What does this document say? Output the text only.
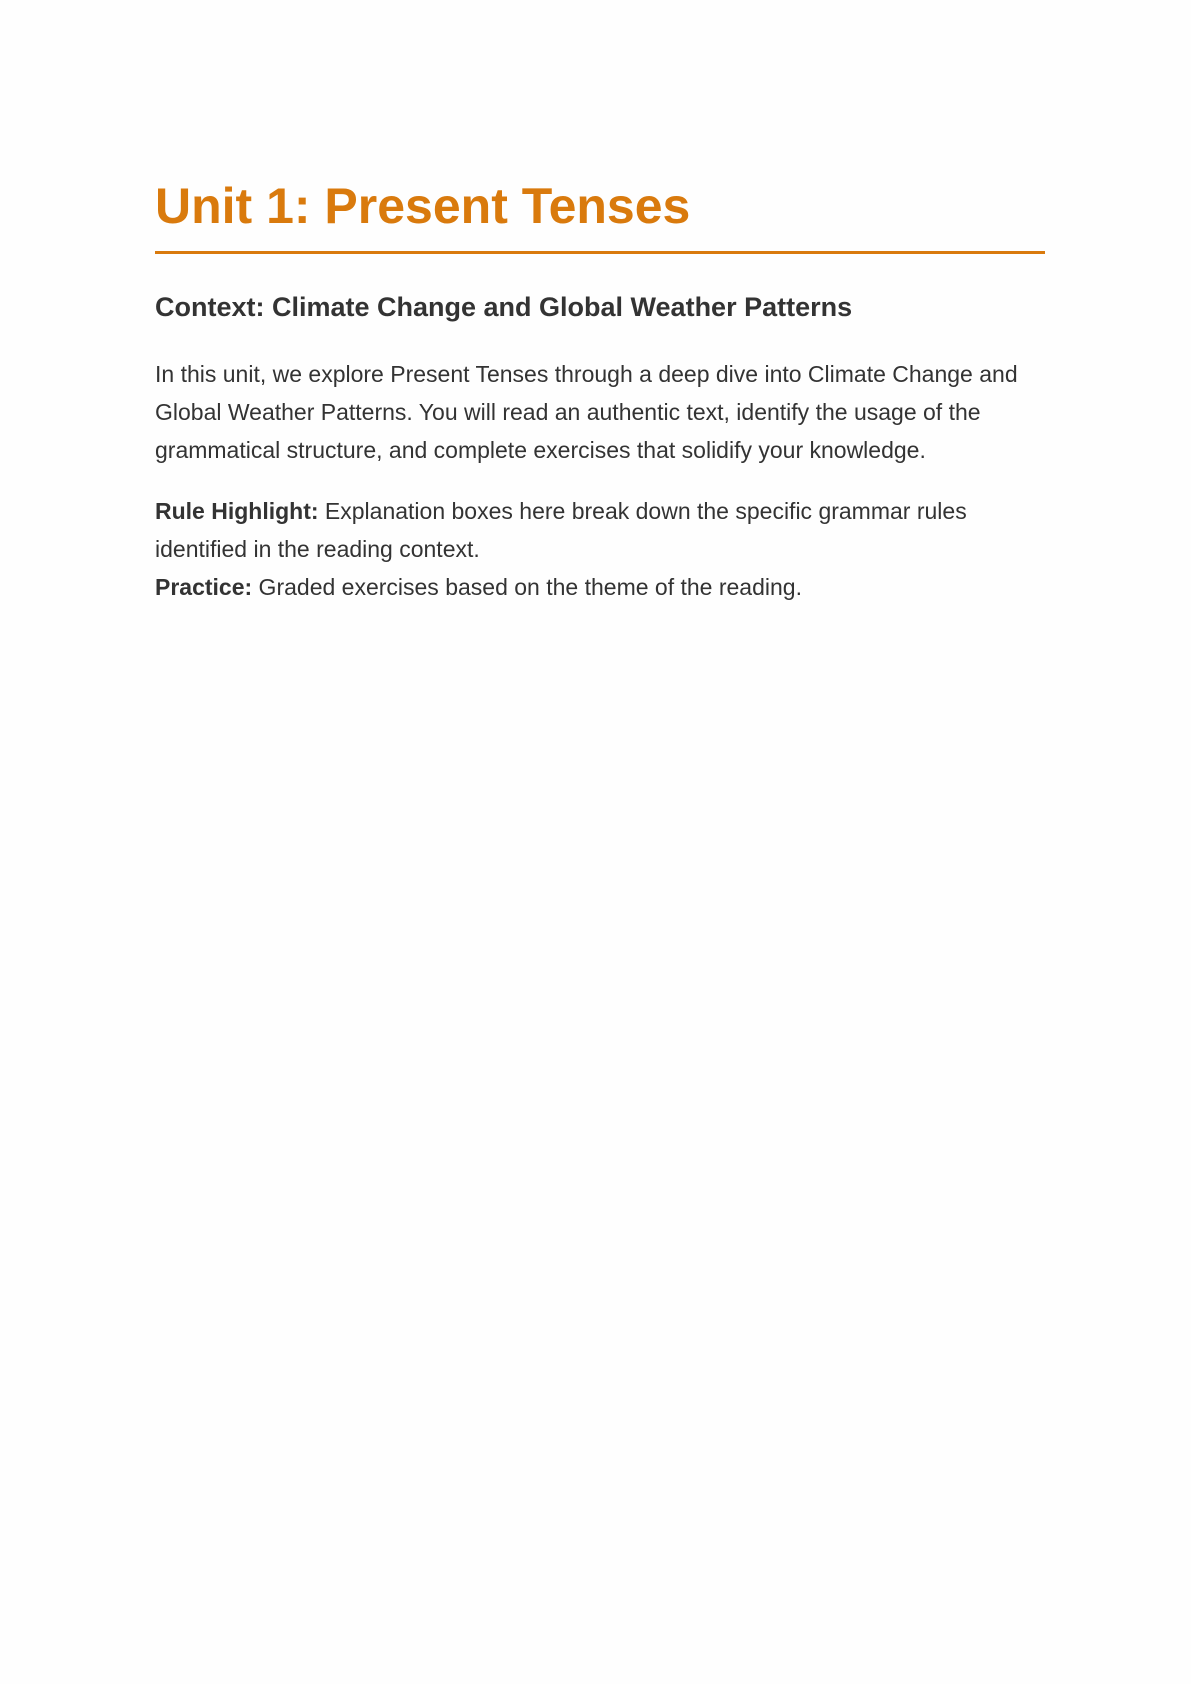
Unit 1: Present Tenses
Context: Climate Change and Global Weather Patterns

In this unit, we explore Present Tenses through a deep dive into Climate Change and Global Weather Patterns. You will read an authentic text, identify the usage of the grammatical structure, and complete exercises that solidify your knowledge.

Rule Highlight: Explanation boxes here break down the specific grammar rules identified in the reading context.
Practice: Graded exercises based on the theme of the reading.
